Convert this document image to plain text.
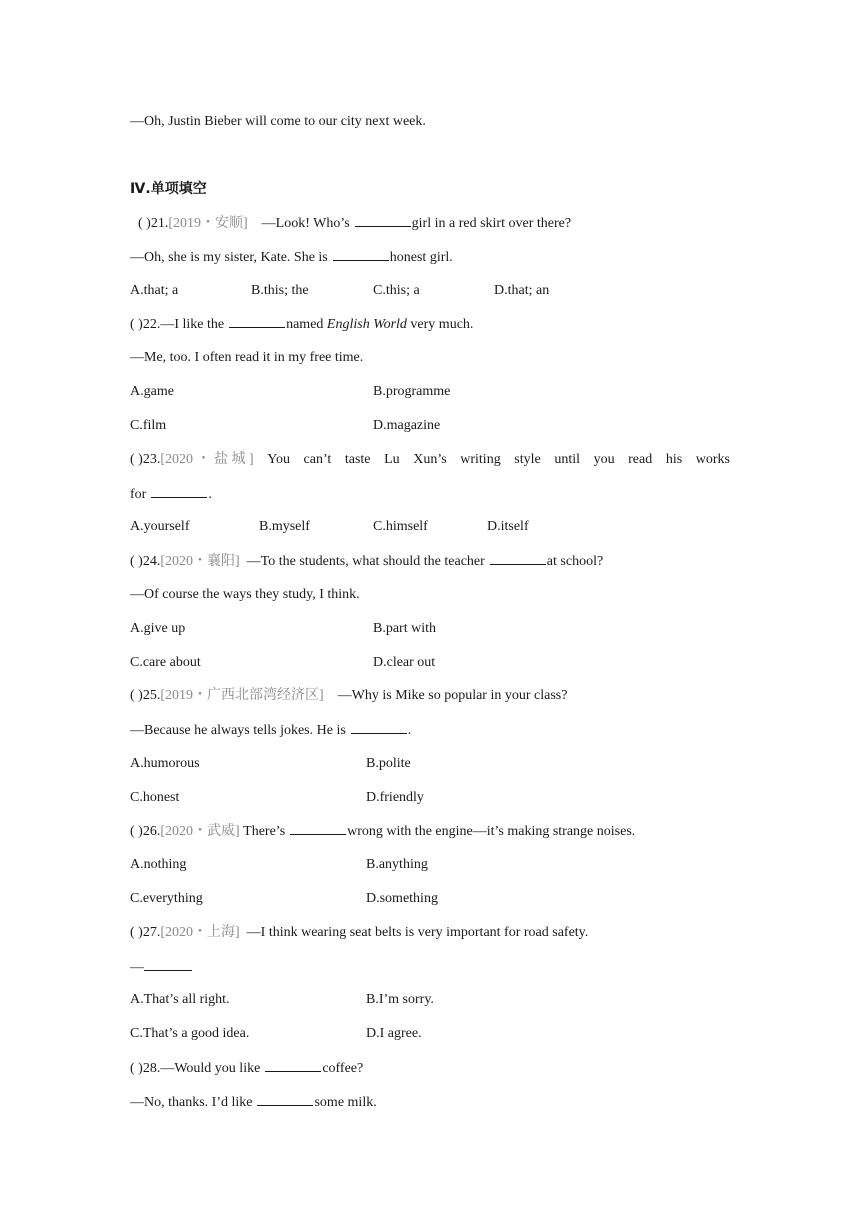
—Oh, Justin Bieber will come to our city next week.
Ⅳ.单项填空
( )21.[2019・安顺] —Look! Who’s	girl in a red skirt over there?
—Oh, she is my sister, Kate. She is	honest girl.
A.that; a	B.this; the	C.this; a	D.that; an
( )22.—I like the	named English World very much.
—Me, too. I often read it in my free time.
A.game	B.programme
C.film	D.magazine
( )23.[2020 ・ 盐 城 ] You can’t taste Lu Xun’s writing style until you read his works
for	.
A.yourself	B.myself	C.himself	D.itself
( )24.[2020・襄阳] —To the students, what should the teacher	at school?
—Of course the ways they study, I think.
A.give up	B.part with
C.care about	D.clear out
( )25.[2019・广西北部湾经济区] —Why is Mike so popular in your class?
—Because he always tells jokes. He is	.
A.humorous	B.polite
C.honest	D.friendly
( )26.[2020・武威] There’s	wrong with the engine—it’s making strange noises.
A.nothing	B.anything
C.everything	D.something
( )27.[2020・上海] —I think wearing seat belts is very important for road safety.
—
A.That’s all right.	B.I’m sorry.
C.That’s a good idea.	D.I agree.
( )28.—Would you like	coffee?
—No, thanks. I’d like	some milk.
